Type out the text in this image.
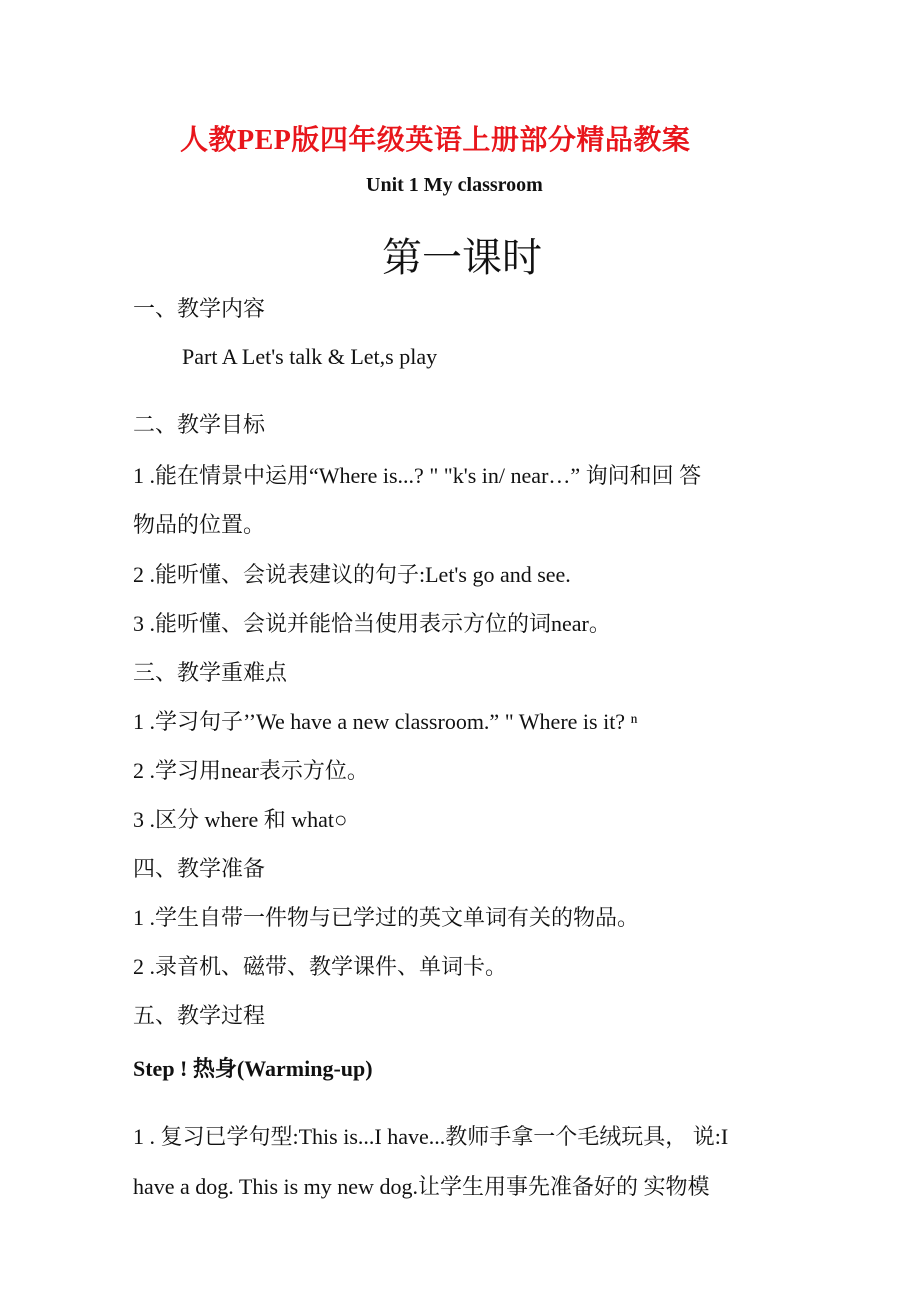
人教PEP版四年级英语上册部分精品教案
Unit 1 My classroom
第一课时
一、教学内容
Part A Let's talk & Let,s play
二、教学目标
1 .能在情景中运用“Where is...? " "k's in/ near…” 询问和回 答
物品的位置。
2 .能听懂、会说表建议的句子:Let's go and see.
3 .能听懂、会说并能恰当使用表示方位的词near。
三、教学重难点
1 .学习句子’’We have a new classroom.” " Where is it? ⁿ
2 .学习用near表示方位。
3 .区分 where 和 what○
四、教学准备
1 .学生自带一件物与已学过的英文单词有关的物品。
2 .录音机、磁带、教学课件、单词卡。
五、教学过程
Step ! 热身(Warming-up)
1 . 复习已学句型:This is...I have...教师手拿一个毛绒玩具， 说:I
have a dog. This is my new dog.让学生用事先准备好的 实物模
